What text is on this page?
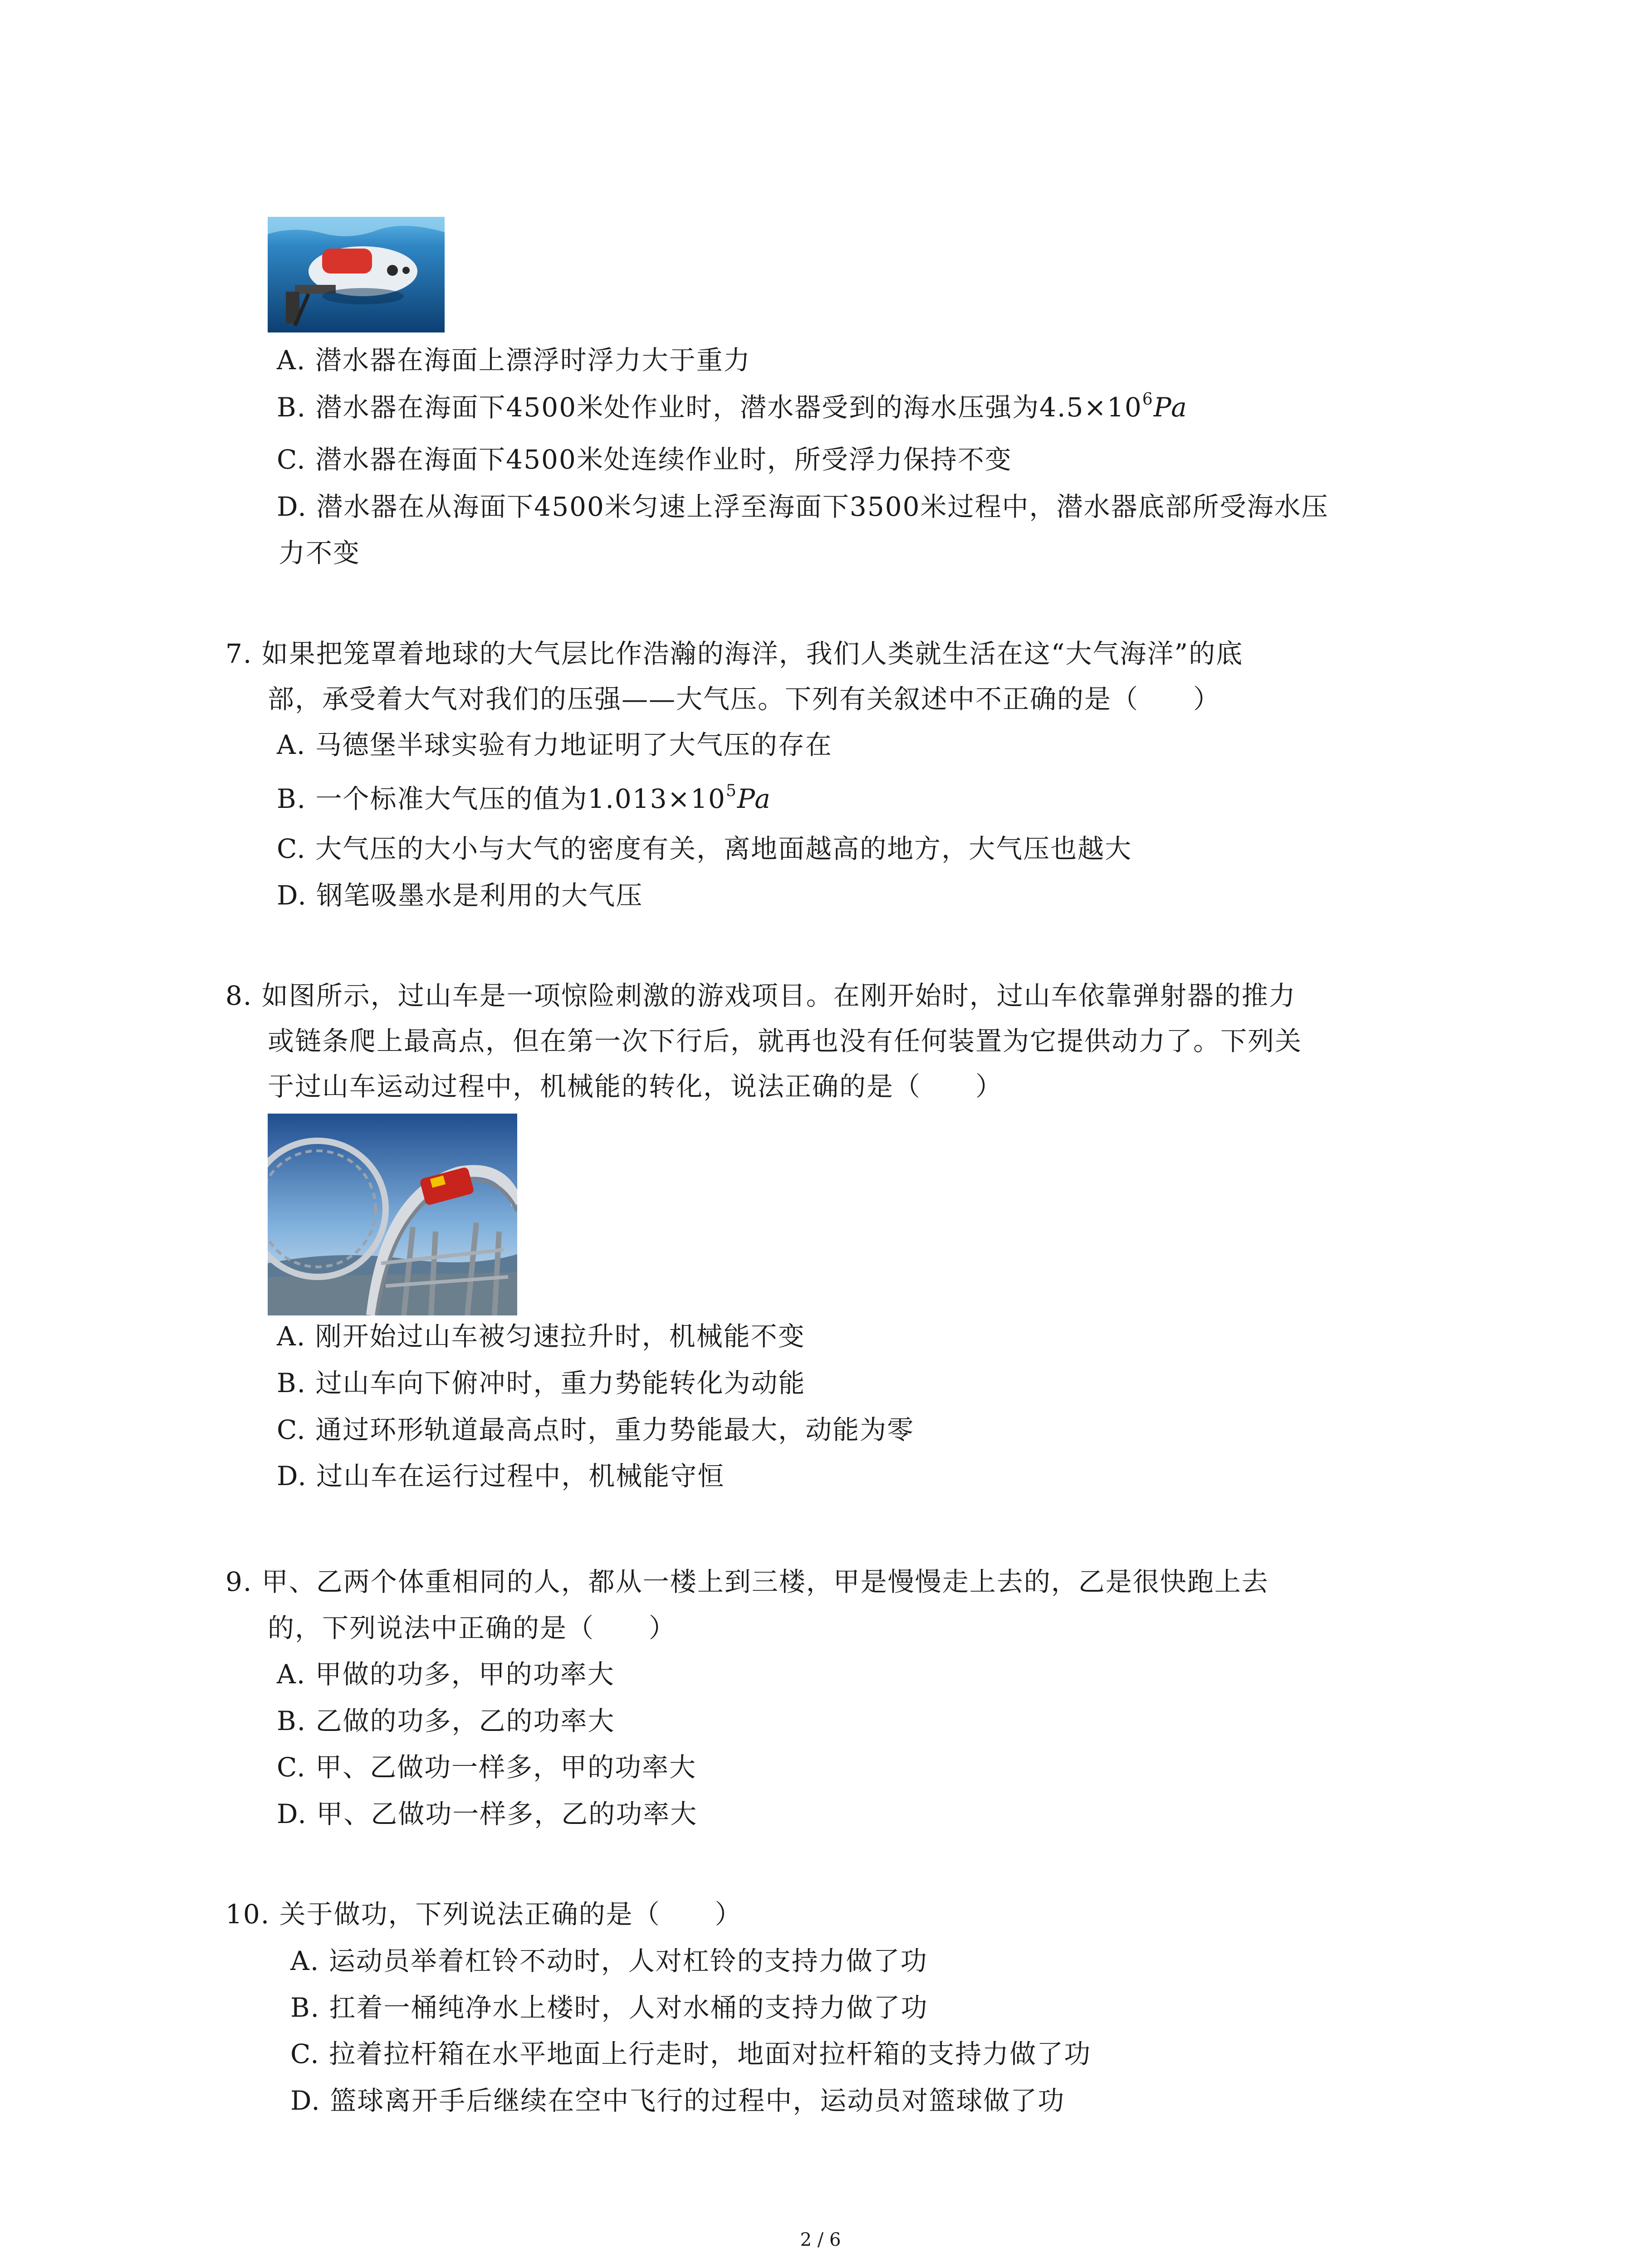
A. 潜水器在海面上漂浮时浮力大于重力
B. 潜水器在海面下4500米处作业时，潜水器受到的海水压强为$4.5\times 10^6Pa$
C. 潜水器在海面下4500米处连续作业时，所受浮力保持不变
D. 潜水器在从海面下4500米匀速上浮至海面下3500米过程中，潜水器底部所受海水压
力不变
7. 如果把笼罩着地球的大气层比作浩瀚的海洋，我们人类就生活在这“大气海洋”的底
部，承受着大气对我们的压强——大气压。下列有关叙述中不正确的是（　　）
A. 马德堡半球实验有力地证明了大气压的存在
B. 一个标准大气压的值为$1.013\times 10^5Pa$
C. 大气压的大小与大气的密度有关，离地面越高的地方，大气压也越大
D. 钢笔吸墨水是利用的大气压
8. 如图所示，过山车是一项惊险刺激的游戏项目。在刚开始时，过山车依靠弹射器的推力
或链条爬上最高点，但在第一次下行后，就再也没有任何装置为它提供动力了。下列关
于过山车运动过程中，机械能的转化，说法正确的是（　　）
A. 刚开始过山车被匀速拉升时，机械能不变
B. 过山车向下俯冲时，重力势能转化为动能
C. 通过环形轨道最高点时，重力势能最大，动能为零
D. 过山车在运行过程中，机械能守恒
9. 甲、乙两个体重相同的人，都从一楼上到三楼，甲是慢慢走上去的，乙是很快跑上去
的，下列说法中正确的是（　　）
A. 甲做的功多，甲的功率大
B. 乙做的功多，乙的功率大
C. 甲、乙做功一样多，甲的功率大
D. 甲、乙做功一样多，乙的功率大
10. 关于做功，下列说法正确的是（　　）
A. 运动员举着杠铃不动时，人对杠铃的支持力做了功
B. 扛着一桶纯净水上楼时，人对水桶的支持力做了功
C. 拉着拉杆箱在水平地面上行走时，地面对拉杆箱的支持力做了功
D. 篮球离开手后继续在空中飞行的过程中，运动员对篮球做了功
2 / 6
